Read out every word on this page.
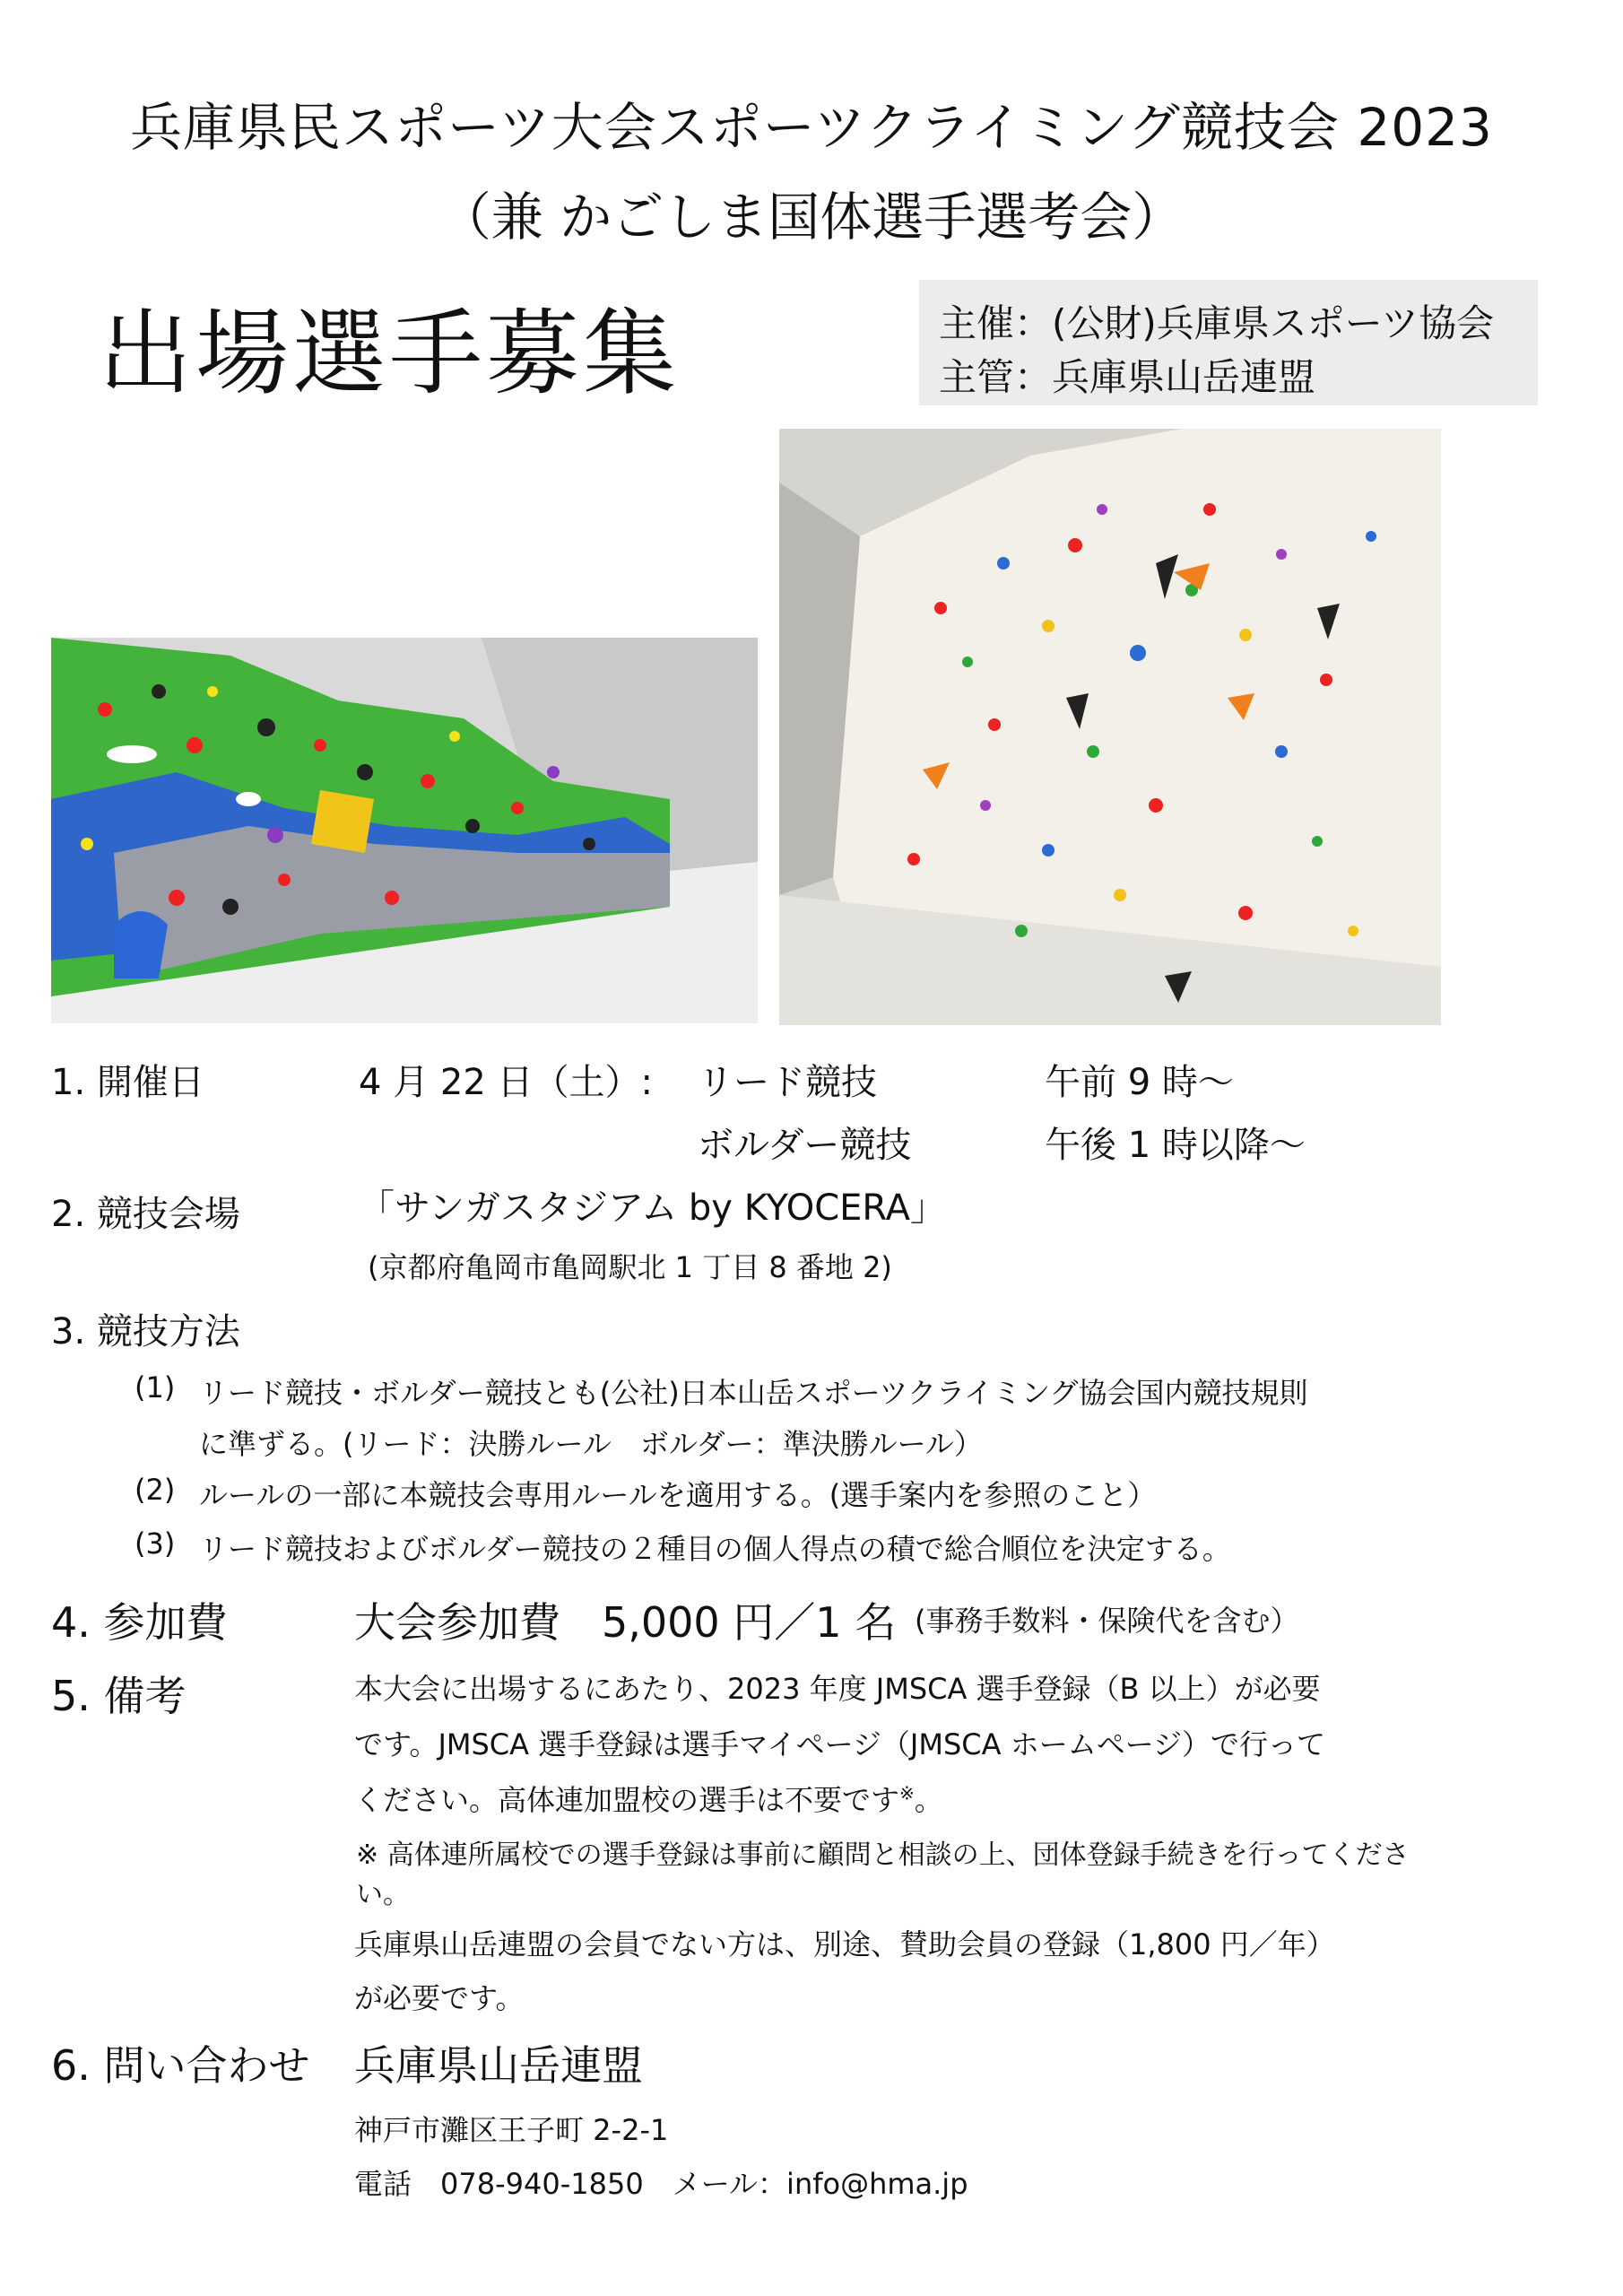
兵庫県民スポーツ大会スポーツクライミング競技会 2023
（兼 かごしま国体選手選考会）
出場選手募集	主催：(公財)兵庫県スポーツ協会
主管：兵庫県山岳連盟
1. 開催日	4 月 22 日（土）: リード競技	午前 9 時～
ボルダー競技	午後 1 時以降～
2. 競技会場	「サンガスタジアム by KYOCERA」
(京都府亀岡市亀岡駅北 1 丁目 8 番地 2)
3. 競技方法
(1) リード競技・ボルダー競技とも(公社)日本山岳スポーツクライミング協会国内競技規則
に準ずる。(リード：決勝ルール　ボルダー：準決勝ルール）
(2) ルールの一部に本競技会専用ルールを適用する。(選手案内を参照のこと）
(3) リード競技およびボルダー競技の２種目の個人得点の積で総合順位を決定する。
4. 参加費	大会参加費　5,000 円／1 名 (事務手数料・保険代を含む）
5. 備考	本大会に出場するにあたり、2023 年度 JMSCA 選手登録（B 以上）が必要
です。JMSCA 選手登録は選手マイページ（JMSCA ホームページ）で行って
ください。高体連加盟校の選手は不要です※。
※ 高体連所属校での選手登録は事前に顧問と相談の上、団体登録手続きを行ってくださ
い。
兵庫県山岳連盟の会員でない方は、別途、賛助会員の登録（1,800 円／年）
が必要です。
6. 問い合わせ 兵庫県山岳連盟
神戸市灘区王子町 2-2-1
電話　078-940-1850　メール：info@hma.jp
